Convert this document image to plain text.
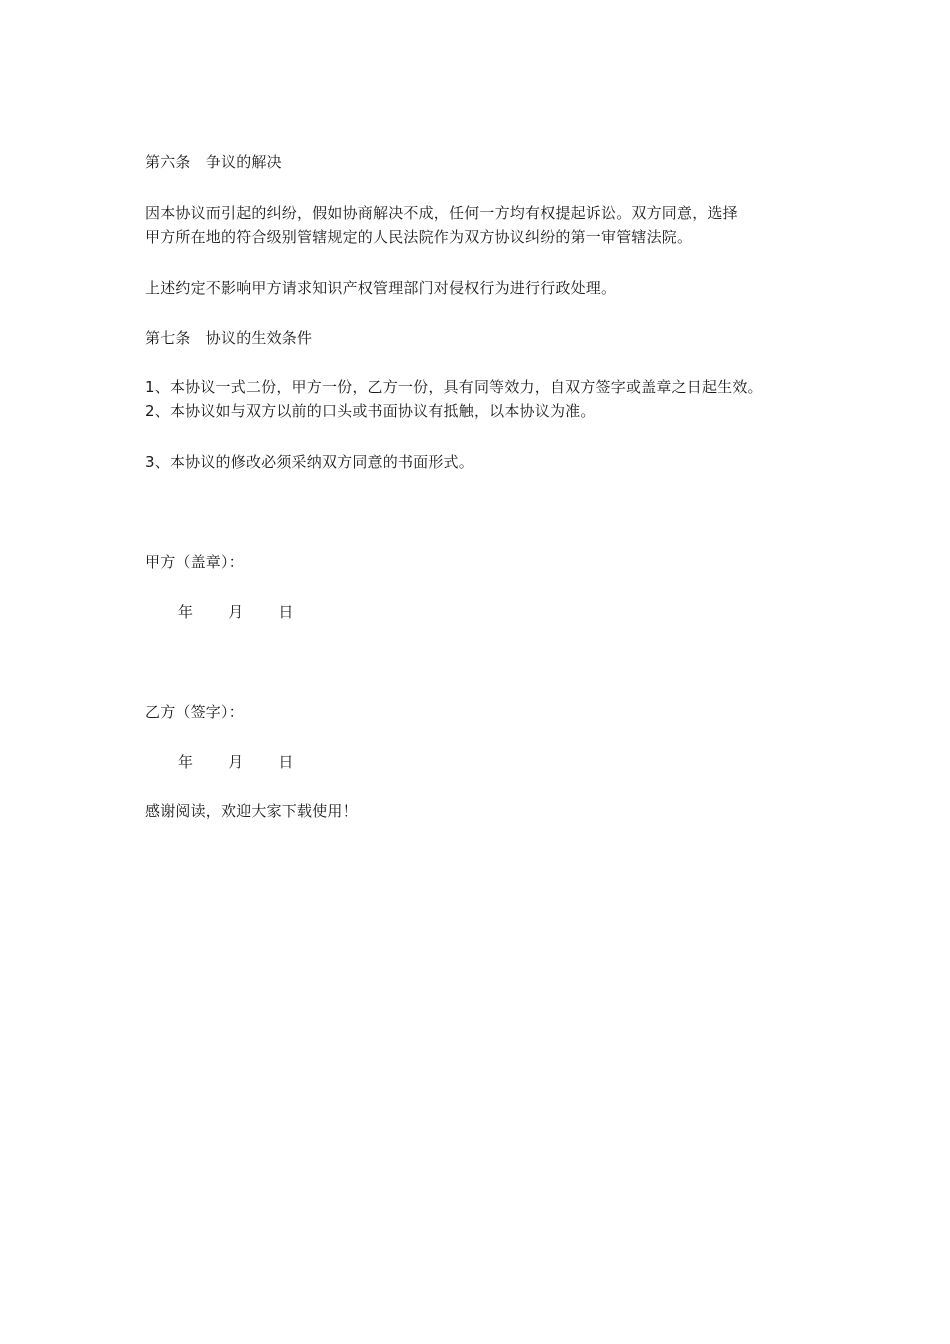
第六条　争议的解决
因本协议而引起的纠纷，假如协商解决不成，任何一方均有权提起诉讼。双方同意，选择
甲方所在地的符合级别管辖规定的人民法院作为双方协议纠纷的第一审管辖法院。
上述约定不影响甲方请求知识产权管理部门对侵权行为进行行政处理。
第七条　协议的生效条件
1、本协议一式二份，甲方一份，乙方一份，具有同等效力，自双方签字或盖章之日起生效。
2、本协议如与双方以前的口头或书面协议有抵触，以本协议为准。
3、本协议的修改必须采纳双方同意的书面形式。
甲方（盖章）：
年 月 日
乙方（签字）：
年 月 日
感谢阅读，欢迎大家下载使用！
